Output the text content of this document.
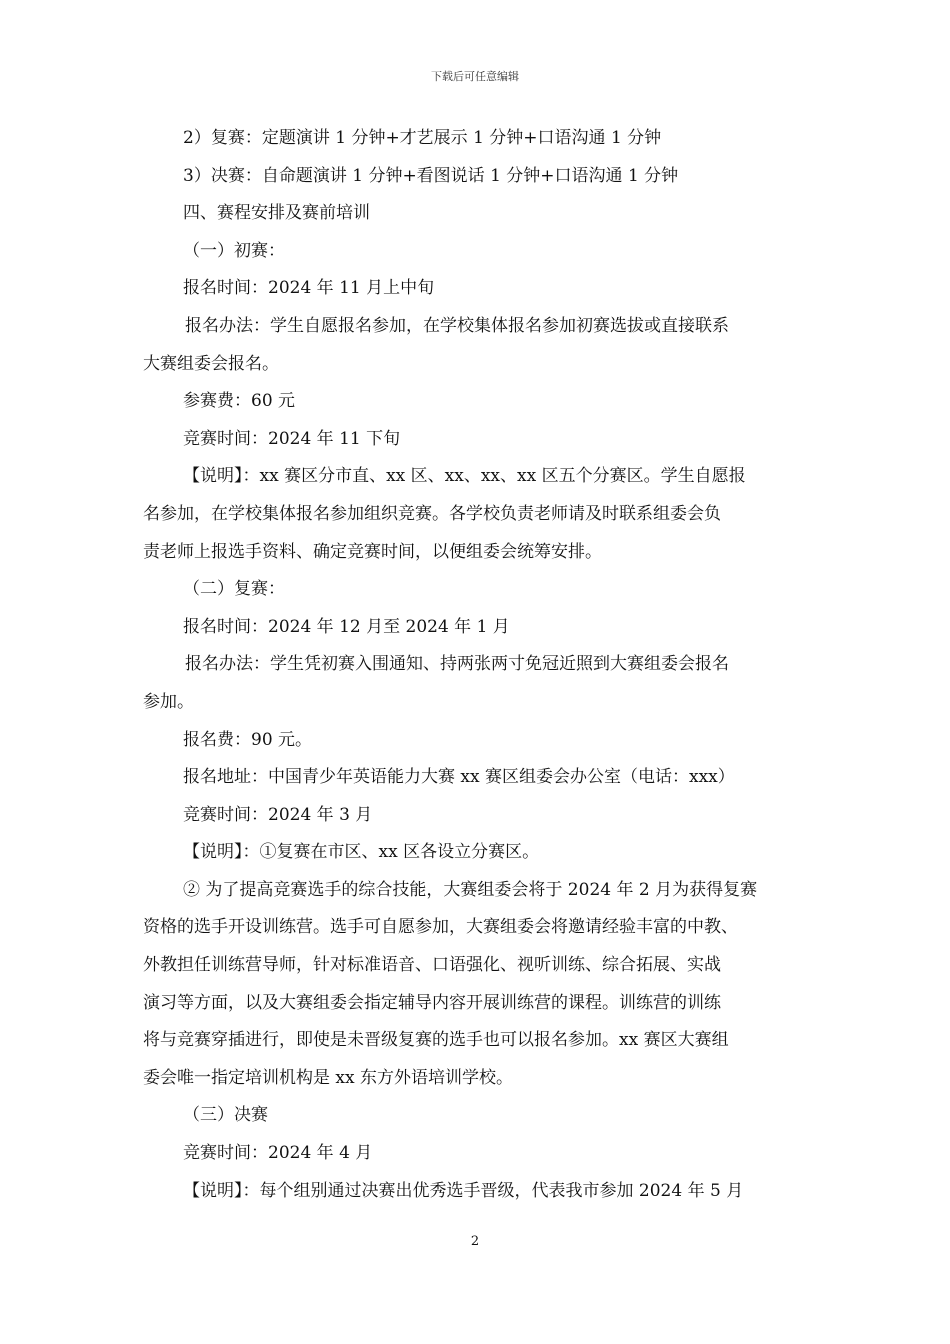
下载后可任意编辑
2）复赛：定题演讲 1 分钟+才艺展示 1 分钟+口语沟通 1 分钟
3）决赛：自命题演讲 1 分钟+看图说话 1 分钟+口语沟通 1 分钟
四、赛程安排及赛前培训
（一）初赛：
报名时间：2024 年 11 月上中旬
报名办法：学生自愿报名参加，在学校集体报名参加初赛选拔或直接联系
大赛组委会报名。
参赛费：60 元
竞赛时间：2024 年 11 下旬
【说明】：xx 赛区分市直、xx 区、xx、xx、xx 区五个分赛区。学生自愿报
名参加，在学校集体报名参加组织竞赛。各学校负责老师请及时联系组委会负
责老师上报选手资料、确定竞赛时间，以便组委会统筹安排。
（二）复赛：
报名时间：2024 年 12 月至 2024 年 1 月
报名办法：学生凭初赛入围通知、持两张两寸免冠近照到大赛组委会报名
参加。
报名费：90 元。
报名地址：中国青少年英语能力大赛 xx 赛区组委会办公室（电话：xxx）
竞赛时间：2024 年 3 月
【说明】：①复赛在市区、xx 区各设立分赛区。
② 为了提高竞赛选手的综合技能，大赛组委会将于 2024 年 2 月为获得复赛
资格的选手开设训练营。选手可自愿参加，大赛组委会将邀请经验丰富的中教、
外教担任训练营导师，针对标准语音、口语强化、视听训练、综合拓展、实战
演习等方面，以及大赛组委会指定辅导内容开展训练营的课程。训练营的训练
将与竞赛穿插进行，即使是未晋级复赛的选手也可以报名参加。xx 赛区大赛组
委会唯一指定培训机构是 xx 东方外语培训学校。
（三）决赛
竞赛时间：2024 年 4 月
【说明】：每个组别通过决赛出优秀选手晋级，代表我市参加 2024 年 5 月
2
